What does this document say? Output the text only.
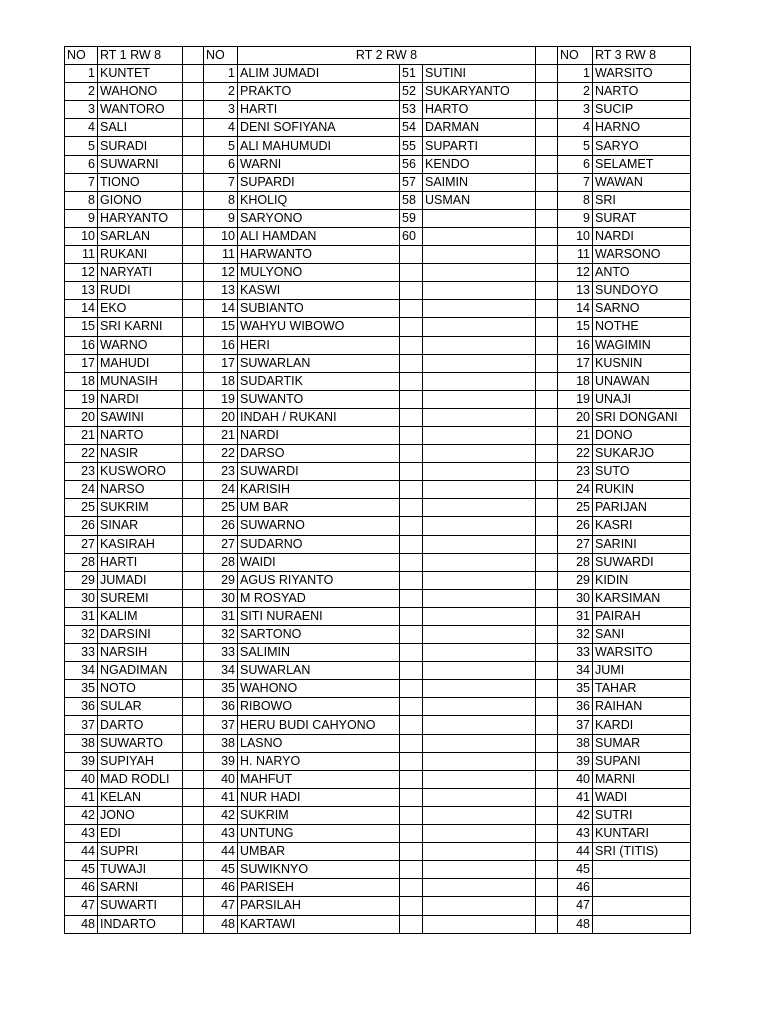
NO	RT 1 RW 8		NO	RT 2 RW 8				NO	RT 3 RW 8
1	KUNTET		1	ALIM JUMADI	51	SUTINI		1	WARSITO
2	WAHONO		2	PRAKTO	52	SUKARYANTO		2	NARTO
3	WANTORO		3	HARTI	53	HARTO		3	SUCIP
4	SALI		4	DENI SOFIYANA	54	DARMAN		4	HARNO
5	SURADI		5	ALI MAHUMUDI	55	SUPARTI		5	SARYO
6	SUWARNI		6	WARNI	56	KENDO		6	SELAMET
7	TIONO		7	SUPARDI	57	SAIMIN		7	WAWAN
8	GIONO		8	KHOLIQ	58	USMAN		8	SRI
9	HARYANTO		9	SARYONO	59			9	SURAT
10	SARLAN		10	ALI HAMDAN	60			10	NARDI
11	RUKANI		11	HARWANTO				11	WARSONO
12	NARYATI		12	MULYONO				12	ANTO
13	RUDI		13	KASWI				13	SUNDOYO
14	EKO		14	SUBIANTO				14	SARNO
15	SRI KARNI		15	WAHYU WIBOWO				15	NOTHE
16	WARNO		16	HERI				16	WAGIMIN
17	MAHUDI		17	SUWARLAN				17	KUSNIN
18	MUNASIH		18	SUDARTIK				18	UNAWAN
19	NARDI		19	SUWANTO				19	UNAJI
20	SAWINI		20	INDAH / RUKANI				20	SRI DONGANI
21	NARTO		21	NARDI				21	DONO
22	NASIR		22	DARSO				22	SUKARJO
23	KUSWORO		23	SUWARDI				23	SUTO
24	NARSO		24	KARISIH				24	RUKIN
25	SUKRIM		25	UM BAR				25	PARIJAN
26	SINAR		26	SUWARNO				26	KASRI
27	KASIRAH		27	SUDARNO				27	SARINI
28	HARTI		28	WAIDI				28	SUWARDI
29	JUMADI		29	AGUS RIYANTO				29	KIDIN
30	SUREMI		30	M ROSYAD				30	KARSIMAN
31	KALIM		31	SITI NURAENI				31	PAIRAH
32	DARSINI		32	SARTONO				32	SANI
33	NARSIH		33	SALIMIN				33	WARSITO
34	NGADIMAN		34	SUWARLAN				34	JUMI
35	NOTO		35	WAHONO				35	TAHAR
36	SULAR		36	RIBOWO				36	RAIHAN
37	DARTO		37	HERU BUDI CAHYONO				37	KARDI
38	SUWARTO		38	LASNO				38	SUMAR
39	SUPIYAH		39	H. NARYO				39	SUPANI
40	MAD RODLI		40	MAHFUT				40	MARNI
41	KELAN		41	NUR HADI				41	WADI
42	JONO		42	SUKRIM				42	SUTRI
43	EDI		43	UNTUNG				43	KUNTARI
44	SUPRI		44	UMBAR				44	SRI (TITIS)
45	TUWAJI		45	SUWIKNYO				45	
46	SARNI		46	PARISEH				46	
47	SUWARTI		47	PARSILAH				47	
48	INDARTO		48	KARTAWI				48	
